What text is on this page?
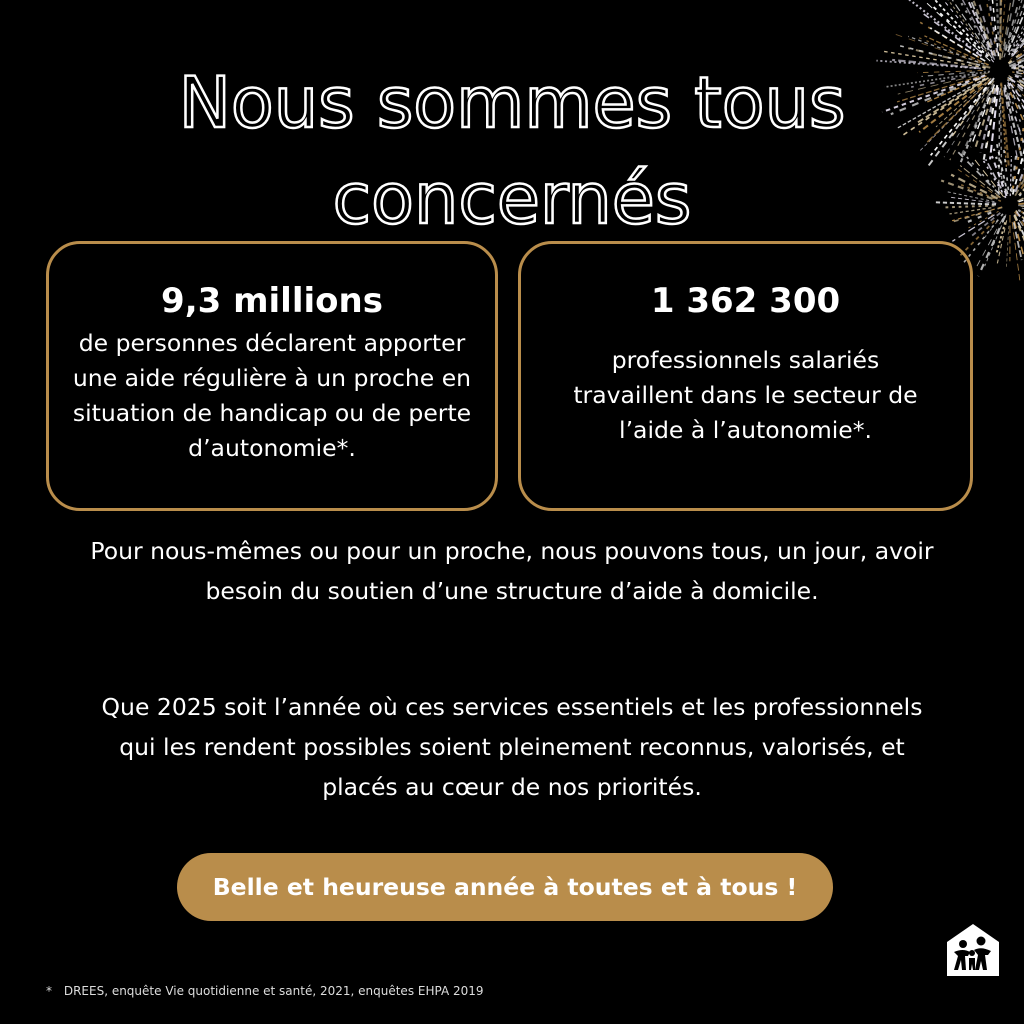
Nous sommes tous
concernés
9,3 millions
de personnes déclarent apporter une aide régulière à un proche en situation de handicap ou de perte d’autonomie*.
1 362 300
professionnels salariés travaillent dans le secteur de l’aide à l’autonomie*.
Pour nous-mêmes ou pour un proche, nous pouvons tous, un jour, avoir besoin du soutien d’une structure d’aide à domicile.
Que 2025 soit l’année où ces services essentiels et les professionnels qui les rendent possibles soient pleinement reconnus, valorisés, et placés au cœur de nos priorités.
Belle et heureuse année à toutes et à tous !
* DREES, enquête Vie quotidienne et santé, 2021, enquêtes EHPA 2019
